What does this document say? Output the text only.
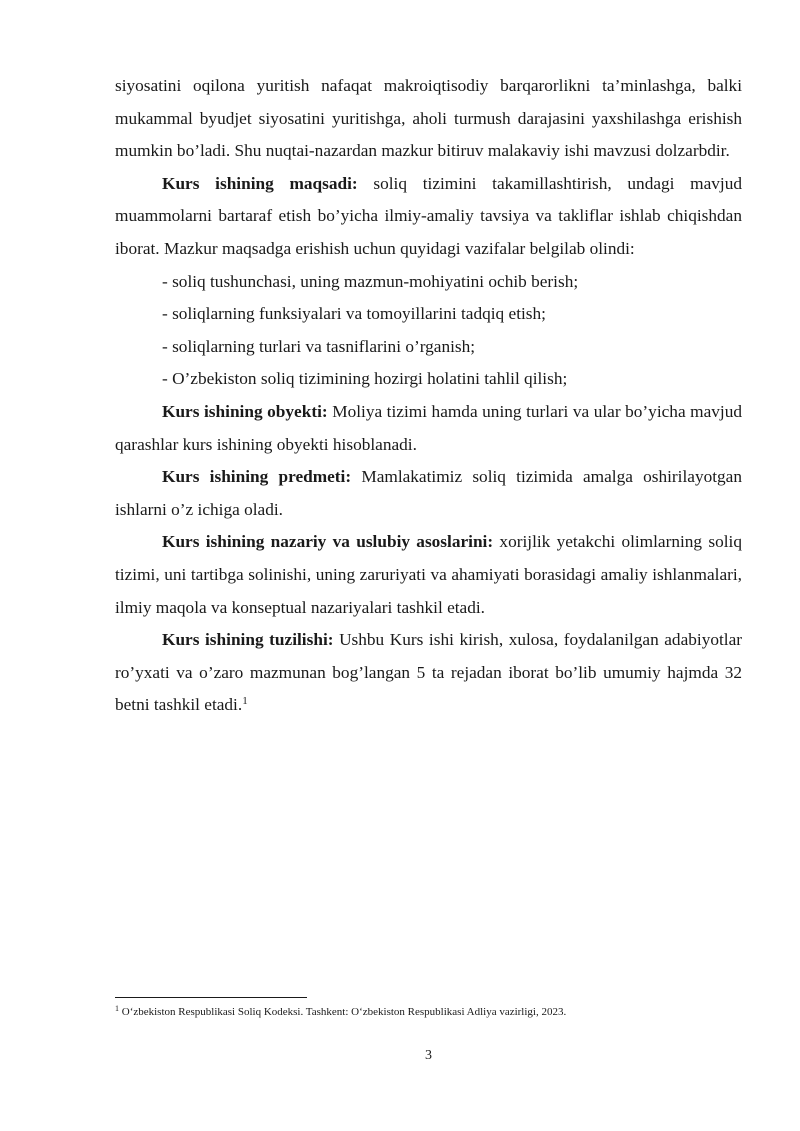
siyosatini oqilona yuritish nafaqat makroiqtisodiy barqarorlikni ta’minlashga, balki mukammal byudjet siyosatini yuritishga, aholi turmush darajasini yaxshilashga erishish mumkin bo’ladi. Shu nuqtai-nazardan mazkur bitiruv malakaviy ishi mavzusi dolzarbdir.

Kurs ishining maqsadi: soliq tizimini takamillashtirish, undagi mavjud muammolarni bartaraf etish bo’yicha ilmiy-amaliy tavsiya va takliflar ishlab chiqishdan iborat. Mazkur maqsadga erishish uchun quyidagi vazifalar belgilab olindi:

- soliq tushunchasi, uning mazmun-mohiyatini ochib berish;

- soliqlarning funksiyalari va tomoyillarini tadqiq etish;

- soliqlarning turlari va tasniflarini o’rganish;

- O’zbekiston soliq tizimining hozirgi holatini tahlil qilish;

Kurs ishining obyekti: Moliya tizimi hamda uning turlari va ular bo’yicha mavjud qarashlar kurs ishining obyekti hisoblanadi.

Kurs ishining predmeti: Mamlakatimiz soliq tizimida amalga oshirilayotgan ishlarni o’z ichiga oladi.

Kurs ishining nazariy va uslubiy asoslarini: xorijlik yetakchi olimlarning soliq tizimi, uni tartibga solinishi, uning zaruriyati va ahamiyati borasidagi amaliy ishlanmalari, ilmiy maqola va konseptual nazariyalari tashkil etadi.

Kurs ishining tuzilishi: Ushbu Kurs ishi kirish, xulosa, foydalanilgan adabiyotlar ro’yxati va o’zaro mazmunan bog’langan 5 ta rejadan iborat bo’lib umumiy hajmda 32 betni tashkil etadi.$^1$

$^1$ O‘zbekiston Respublikasi Soliq Kodeksi. Tashkent: O‘zbekiston Respublikasi Adliya vazirligi, 2023.
3
